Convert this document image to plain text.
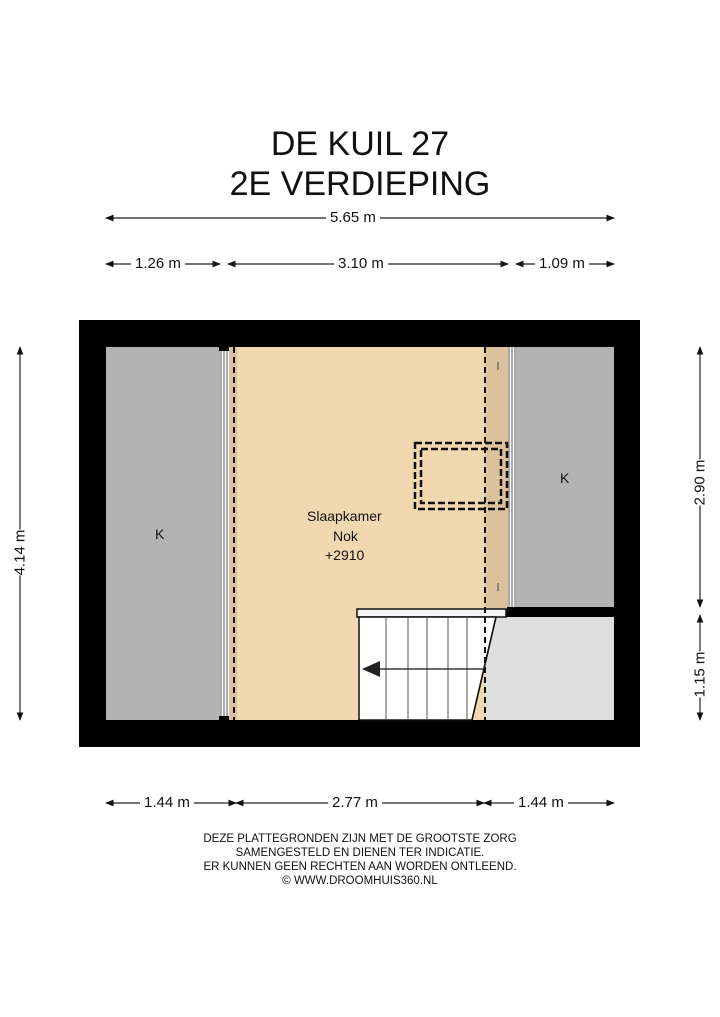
DE KUIL 27
2E VERDIEPING
5.65 m
1.26 m	3.10 m	1.09 m
1.44 m	2.77 m	1.44 m
4.14 m
2.90 m
1.15 m
K
K
Slaapkamer
Nok
+2910
DEZE PLATTEGRONDEN ZIJN MET DE GROOTSTE ZORG
SAMENGESTELD EN DIENEN TER INDICATIE.
ER KUNNEN GEEN RECHTEN AAN WORDEN ONTLEEND.
© WWW.DROOMHUIS360.NL
